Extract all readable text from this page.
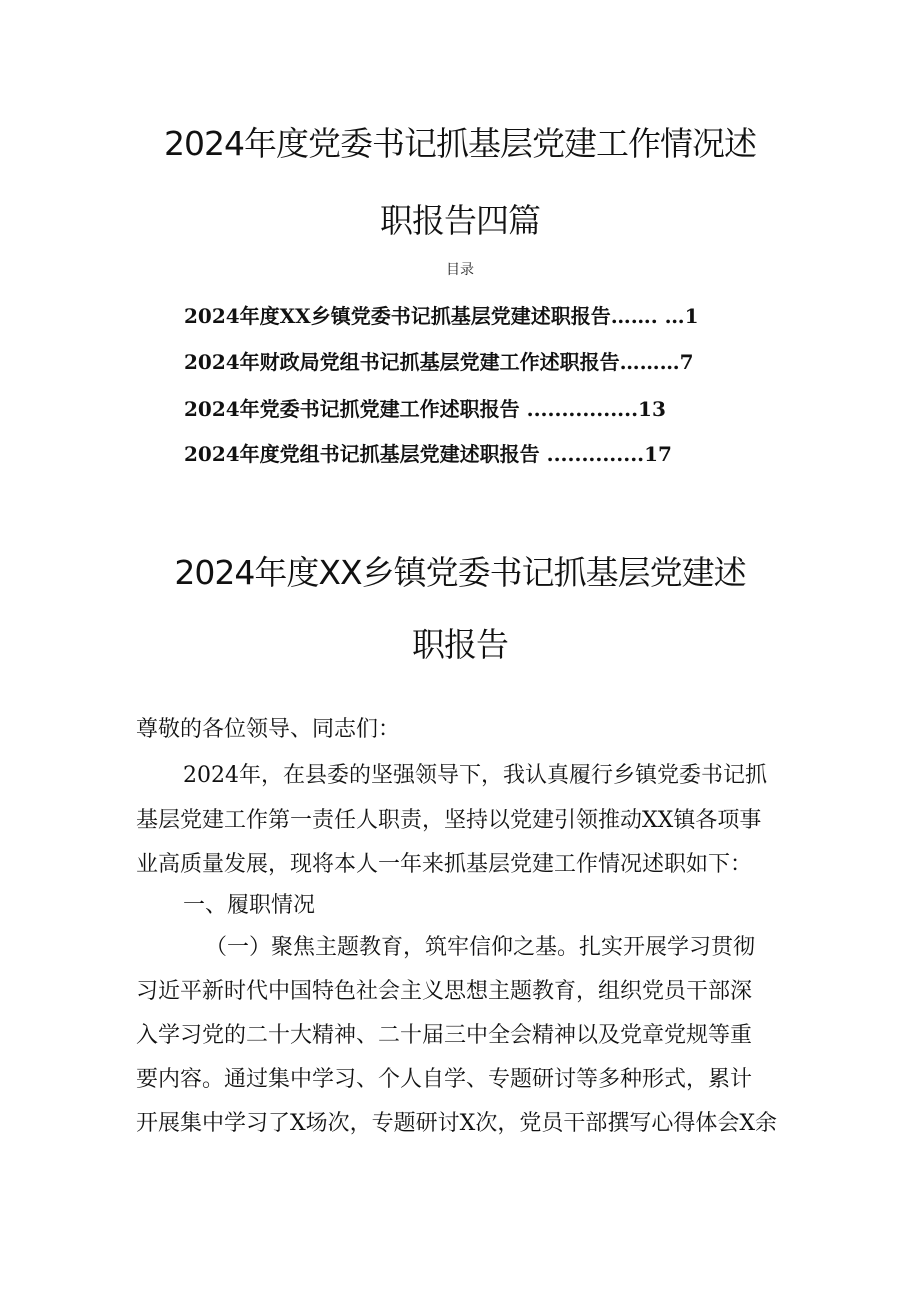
2024年度党委书记抓基层党建工作情况述
职报告四篇
目录
2024年度XX乡镇党委书记抓基层党建述职报告……. …1
2024年财政局党组书记抓基层党建工作述职报告………7
2024年党委书记抓党建工作述职报告 ................13
2024年度党组书记抓基层党建述职报告 ..............17
2024年度XX乡镇党委书记抓基层党建述
职报告
尊敬的各位领导、同志们：
2024年，在县委的坚强领导下，我认真履行乡镇党委书记抓
基层党建工作第一责任人职责，坚持以党建引领推动XX镇各项事
业高质量发展，现将本人一年来抓基层党建工作情况述职如下：
一、履职情况
（一）聚焦主题教育，筑牢信仰之基。扎实开展学习贯彻
习近平新时代中国特色社会主义思想主题教育，组织党员干部深
入学习党的二十大精神、二十届三中全会精神以及党章党规等重
要内容。通过集中学习、个人自学、专题研讨等多种形式，累计
开展集中学习了X场次，专题研讨X次，党员干部撰写心得体会X余
